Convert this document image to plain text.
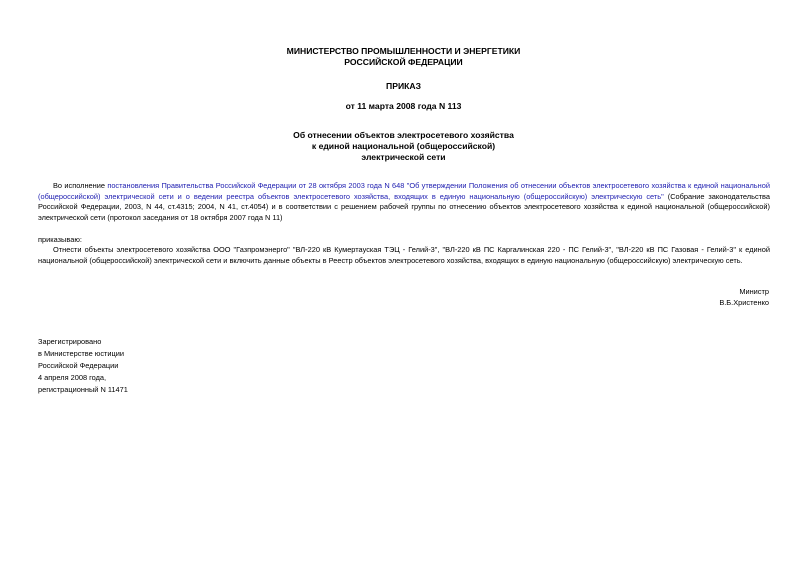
МИНИСТЕРСТВО ПРОМЫШЛЕННОСТИ И ЭНЕРГЕТИКИ
РОССИЙСКОЙ ФЕДЕРАЦИИ
ПРИКАЗ
от 11 марта 2008 года N 113
Об отнесении объектов электросетевого хозяйства
к единой национальной (общероссийской)
электрической сети
Во исполнение постановления Правительства Российской Федерации от 28 октября 2003 года N 648 "Об утверждении Положения об отнесении объектов электросетевого хозяйства к единой национальной (общероссийской) электрической сети и о ведении реестра объектов электросетевого хозяйства, входящих в единую национальную (общероссийскую) электрическую сеть" (Собрание законодательства Российской Федерации, 2003, N 44, ст.4315; 2004, N 41, ст.4054) и в соответствии с решением рабочей группы по отнесению объектов электросетевого хозяйства к единой национальной (общероссийской) электрической сети (протокол заседания от 18 октября 2007 года N 11)
приказываю:
Отнести объекты электросетевого хозяйства ООО "Газпромэнерго" "ВЛ-220 кВ Кумертауская ТЭЦ - Гелий-3", "ВЛ-220 кВ ПС Каргалинская 220 - ПС Гелий-3", "ВЛ-220 кВ ПС Газовая - Гелий-3" к единой национальной (общероссийской) электрической сети и включить данные объекты в Реестр объектов электросетевого хозяйства, входящих в единую национальную (общероссийскую) электрическую сеть.
Министр
В.Б.Христенко
Зарегистрировано
в Министерстве юстиции
Российской Федерации
4 апреля 2008 года,
регистрационный N 11471
